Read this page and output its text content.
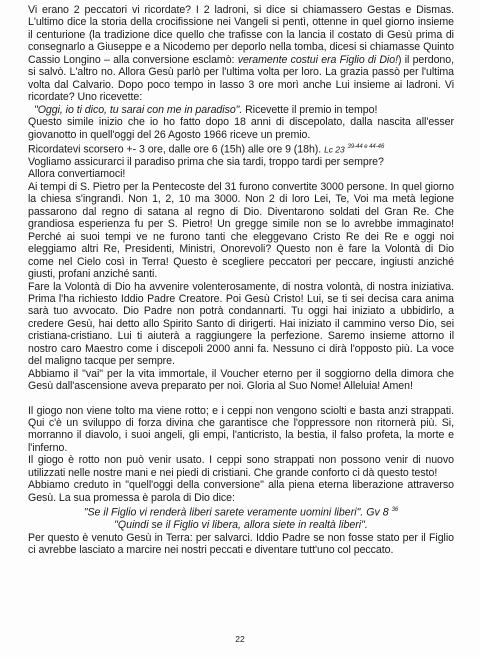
Vi erano 2 peccatori vi ricordate? I 2 ladroni, si dice si chiamassero Gestas e Dismas. L'ultimo dice la storia della crocifissione nei Vangeli si pentì, ottenne in quel giorno insieme il centurione (la tradizione dice quello che trafisse con la lancia il costato di Gesù prima di consegnarlo a Giuseppe e a Nicodemo per deporlo nella tomba, dicesi si chiamasse Quinto Cassio Longino – alla conversione esclamò: veramente costui era Figlio di Dio!) il perdono, si salvò. L'altro no. Allora Gesù parlò per l'ultima volta per loro. La grazia passò per l'ultima volta dal Calvario. Dopo poco tempo in lasso 3 ore morì anche Lui insieme ai ladroni. Vi ricordate? Uno ricevette:

"Oggi, io ti dico, tu sarai con me in paradiso". Ricevette il premio in tempo!

Questo simile inizio che io ho fatto dopo 18 anni di discepolato, dalla nascita all'esser giovanotto in quell'oggi del 26 Agosto 1966 riceve un premio.

Ricordatevi scorsero +- 3 ore, dalle ore 6 (15h) alle ore 9 (18h). Lc 23 $^{39-44 e 44-46}$

Vogliamo assicurarci il paradiso prima che sia tardi, troppo tardi per sempre?

Allora convertiamoci!

Ai tempi di S. Pietro per la Pentecoste del 31 furono convertite 3000 persone. In quel giorno la chiesa s'ingrandì. Non 1, 2, 10 ma 3000. Non 2 di loro Lei, Te, Voi ma metà legione passarono dal regno di satana al regno di Dio. Diventarono soldati del Gran Re. Che grandiosa esperienza fu per S. Pietro! Un gregge simile non se lo avrebbe immaginato! Perché ai suoi tempi ve ne furono tanti che eleggevano Cristo Re dei Re e oggi noi eleggiamo altri Re, Presidenti, Ministri, Onorevoli? Questo non è fare la Volontà di Dio come nel Cielo così in Terra! Questo è scegliere peccatori per peccare, ingiusti anziché giusti, profani anziché santi.

Fare la Volontà di Dio ha avvenire volenterosamente, di nostra volontà, di nostra iniziativa. Prima l'ha richiesto Iddio Padre Creatore. Poi Gesù Cristo! Lui, se ti sei decisa cara anima sarà tuo avvocato. Dio Padre non potrà condannarti. Tu oggi hai iniziato a ubbidirlo, a credere Gesù, hai detto allo Spirito Santo di dirigerti. Hai iniziato il cammino verso Dio, sei cristiana-cristiano. Lui ti aiuterà a raggiungere la perfezione. Saremo insieme attorno il nostro caro Maestro come i discepoli 2000 anni fa. Nessuno ci dirà l'opposto più. La voce del maligno tacque per sempre.

Abbiamo il "vai" per la vita immortale, il Voucher eterno per il soggiorno della dimora che Gesù dall'ascensione aveva preparato per noi. Gloria al Suo Nome! Alleluia! Amen!

Il giogo non viene tolto ma viene rotto; e i ceppi non vengono sciolti e basta anzi strappati. Qui c'è un sviluppo di forza divina che garantisce che l'oppressore non ritornerà più. Si, morranno il diavolo, i suoi angeli, gli empi, l'anticristo, la bestia, il falso profeta, la morte e l'inferno.

Il giogo è rotto non può venir usato. I ceppi sono strappati non possono venir di nuovo utilizzati nelle nostre mani e nei piedi di cristiani. Che grande conforto ci dà questo testo!

Abbiamo creduto in "quell'oggi della conversione" alla piena eterna liberazione attraverso Gesù. La sua promessa è parola di Dio dice:

"Se il Figlio vi renderà liberi sarete veramente uomini liberi". Gv 8 $^{36}$

"Quindi se il Figlio vi libera, allora siete in realtà liberi".

Per questo è venuto Gesù in Terra: per salvarci. Iddio Padre se non fosse stato per il Figlio ci avrebbe lasciato a marcire nei nostri peccati e diventare tutt'uno col peccato.

22
